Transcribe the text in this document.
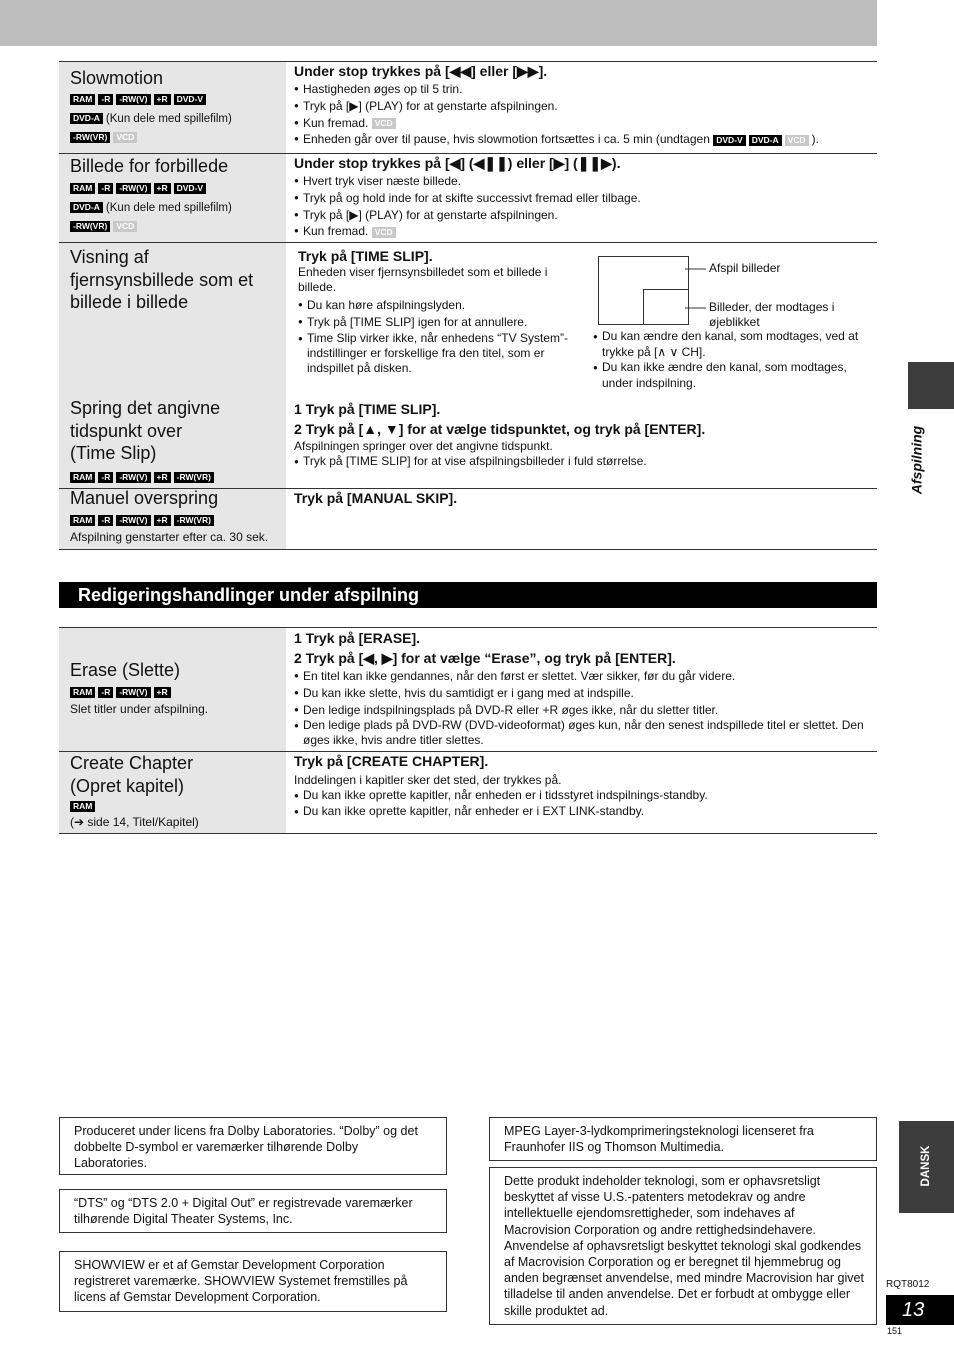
Slowmotion
RAM -R -RW(V) +R DVD-V
DVD-A (Kun dele med spillefilm)
-RW(VR) VCD
Under stop trykkes på [◀◀] eller [▶▶].
● Hastigheden øges op til 5 trin.
● Tryk på [▶] (PLAY) for at genstarte afspilningen.
● Kun fremad. VCD
● Enheden går over til pause, hvis slowmotion fortsættes i ca. 5 min (undtagen DVD-V DVD-A VCD ).
Billede for forbillede
RAM -R -RW(V) +R DVD-V
DVD-A (Kun dele med spillefilm)
-RW(VR) VCD
Under stop trykkes på [◀] (◀❚❚) eller [▶] (❚❚▶).
● Hvert tryk viser næste billede.
● Tryk på og hold inde for at skifte successivt fremad eller tilbage.
● Tryk på [▶] (PLAY) for at genstarte afspilningen.
● Kun fremad. VCD
Visning af
fjernsynsbillede som et
billede i billede
Spring det angivne
tidspunkt over
(Time Slip)
RAM -R -RW(V) +R -RW(VR)
Tryk på [TIME SLIP].
Enheden viser fjernsynsbilledet som et billede i billede.
● Du kan høre afspilningslyden.
● Tryk på [TIME SLIP] igen for at annullere.
● Time Slip virker ikke, når enhedens “TV System”-indstillinger er forskellige fra den titel, som er indspillet på disken.
Afspil billeder
Billeder, der modtages i øjeblikket
● Du kan ændre den kanal, som modtages, ved at trykke på [∧ ∨ CH].
● Du kan ikke ændre den kanal, som modtages, under indspilning.
1 Tryk på [TIME SLIP].
2 Tryk på [▲, ▼] for at vælge tidspunktet, og tryk på [ENTER].
Afspilningen springer over det angivne tidspunkt.
● Tryk på [TIME SLIP] for at vise afspilningsbilleder i fuld størrelse.
Manuel overspring
RAM -R -RW(V) +R -RW(VR)
Afspilning genstarter efter ca. 30 sek.
Tryk på [MANUAL SKIP].
Redigeringshandlinger under afspilning
Erase (Slette)
RAM -R -RW(V) +R
Slet titler under afspilning.
1 Tryk på [ERASE].
2 Tryk på [◀, ▶] for at vælge “Erase”, og tryk på [ENTER].
● En titel kan ikke gendannes, når den først er slettet. Vær sikker, før du går videre.
● Du kan ikke slette, hvis du samtidigt er i gang med at indspille.
● Den ledige indspilningsplads på DVD-R eller +R øges ikke, når du sletter titler.
● Den ledige plads på DVD-RW (DVD-videoformat) øges kun, når den senest indspillede titel er slettet. Den øges ikke, hvis andre titler slettes.
Create Chapter
(Opret kapitel)
RAM
(➔ side 14, Titel/Kapitel)
Tryk på [CREATE CHAPTER].
Inddelingen i kapitler sker det sted, der trykkes på.
● Du kan ikke oprette kapitler, når enheden er i tidsstyret indspilnings-standby.
● Du kan ikke oprette kapitler, når enheder er i EXT LINK-standby.
Afspilning
Produceret under licens fra Dolby Laboratories. “Dolby” og det dobbelte D-symbol er varemærker tilhørende Dolby Laboratories.
“DTS” og “DTS 2.0 + Digital Out” er registrevade varemærker tilhørende Digital Theater Systems, Inc.
SHOWVIEW er et af Gemstar Development Corporation registreret varemærke. SHOWVIEW Systemet fremstilles på licens af Gemstar Development Corporation.
MPEG Layer-3-lydkomprimeringsteknologi licenseret fra Fraunhofer IIS og Thomson Multimedia.
Dette produkt indeholder teknologi, som er ophavsretsligt beskyttet af visse U.S.-patenters metodekrav og andre intellektuelle ejendomsrettigheder, som indehaves af Macrovision Corporation og andre rettighedsindehavere. Anvendelse af ophavsretsligt beskyttet teknologi skal godkendes af Macrovision Corporation og er beregnet til hjemmebrug og anden begrænset anvendelse, med mindre Macrovision har givet tilladelse til anden anvendelse. Det er forbudt at ombygge eller skille produktet ad.
DANSK
RQT8012
13
151
